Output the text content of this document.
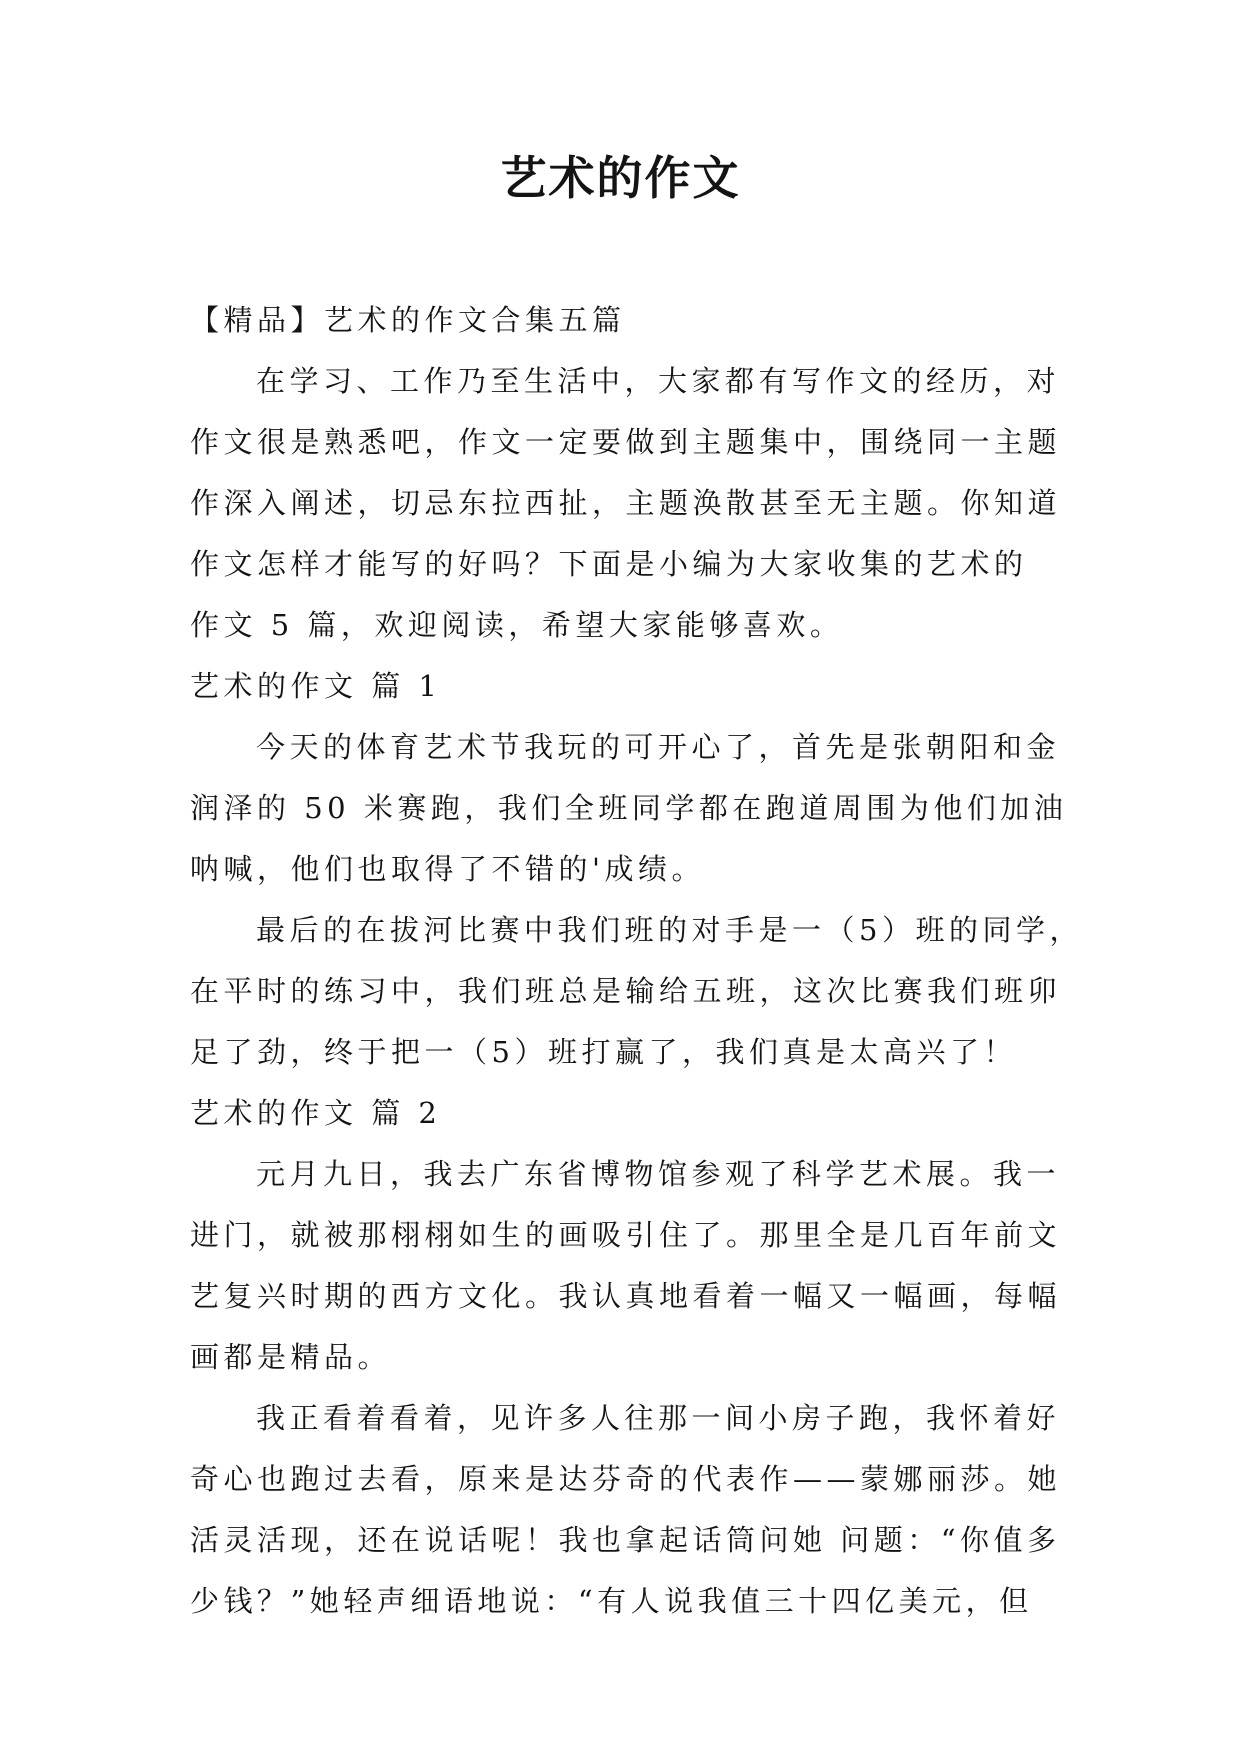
艺术的作文
【精品】艺术的作文合集五篇
在学习、工作乃至生活中，大家都有写作文的经历，对
作文很是熟悉吧，作文一定要做到主题集中，围绕同一主题
作深入阐述，切忌东拉西扯，主题涣散甚至无主题。你知道
作文怎样才能写的好吗？下面是小编为大家收集的艺术的
作文 5 篇，欢迎阅读，希望大家能够喜欢。
艺术的作文 篇 1
今天的体育艺术节我玩的可开心了，首先是张朝阳和金
润泽的 50 米赛跑，我们全班同学都在跑道周围为他们加油
呐喊，他们也取得了不错的'成绩。
最后的在拔河比赛中我们班的对手是一（5）班的同学，
在平时的练习中，我们班总是输给五班，这次比赛我们班卯
足了劲，终于把一（5）班打赢了，我们真是太高兴了！
艺术的作文 篇 2
元月九日，我去广东省博物馆参观了科学艺术展。我一
进门，就被那栩栩如生的画吸引住了。那里全是几百年前文
艺复兴时期的西方文化。我认真地看着一幅又一幅画，每幅
画都是精品。
我正看着看着，见许多人往那一间小房子跑，我怀着好
奇心也跑过去看，原来是达芬奇的代表作——蒙娜丽莎。她
活灵活现，还在说话呢！我也拿起话筒问她 问题：“你值多
少钱？”她轻声细语地说：“有人说我值三十四亿美元，但
